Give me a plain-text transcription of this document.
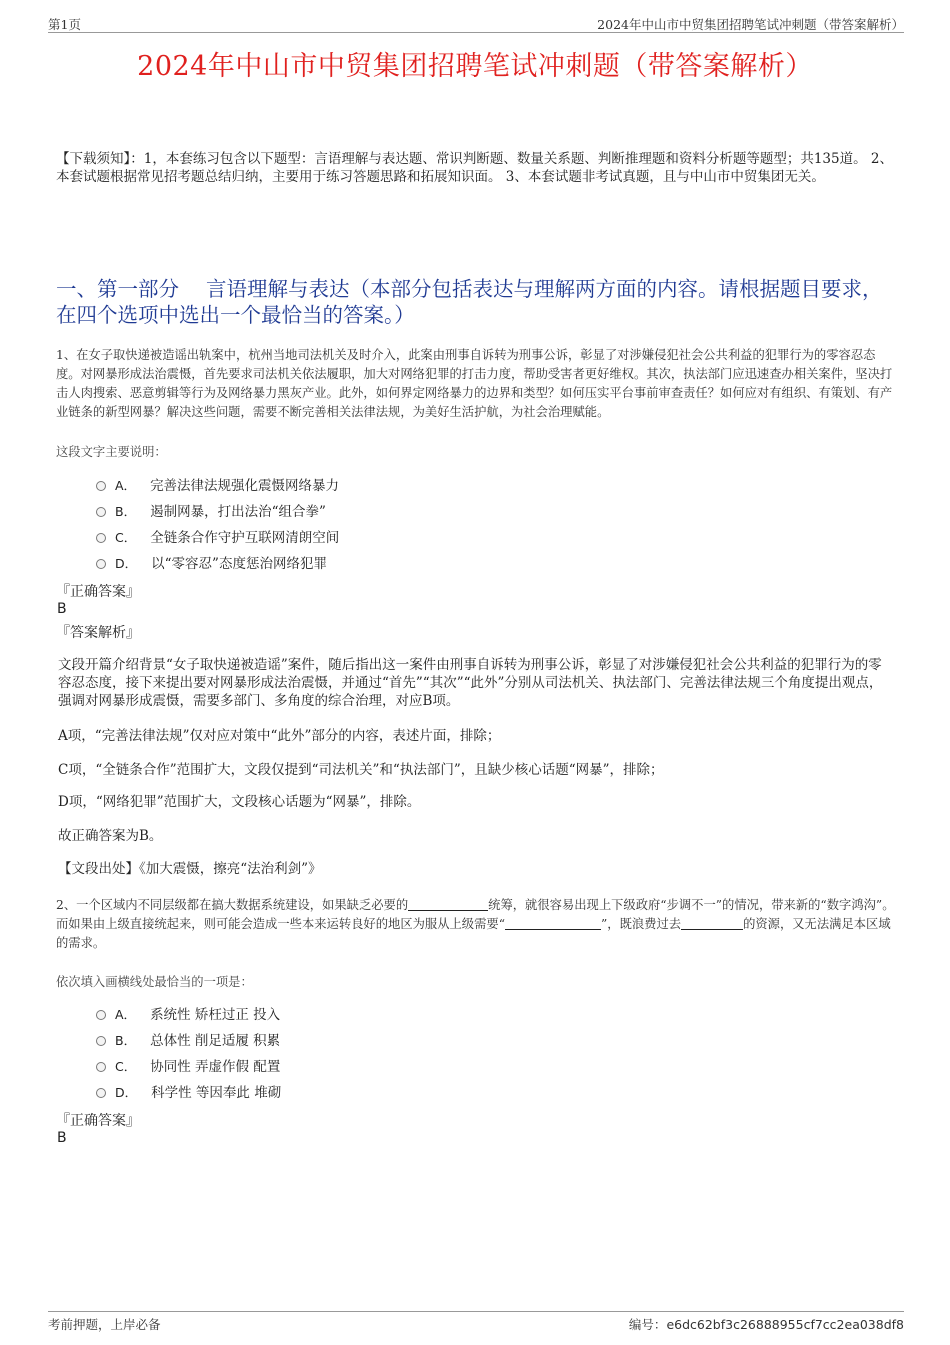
第1页	2024年中山市中贸集团招聘笔试冲刺题（带答案解析）
2024年中山市中贸集团招聘笔试冲刺题（带答案解析）
【下载须知】：1，本套练习包含以下题型：言语理解与表达题、常识判断题、数量关系题、判断推理题和资料分析题等题型；共135道。 2、本套试题根据常见招考题总结归纳，主要用于练习答题思路和拓展知识面。 3、本套试题非考试真题，且与中山市中贸集团无关。
一、第一部分　 言语理解与表达（本部分包括表达与理解两方面的内容。请根据题目要求，在四个选项中选出一个最恰当的答案。）
1、在女子取快递被造谣出轨案中，杭州当地司法机关及时介入，此案由刑事自诉转为刑事公诉，彰显了对涉嫌侵犯社会公共利益的犯罪行为的零容忍态度。对网暴形成法治震慑，首先要求司法机关依法履职，加大对网络犯罪的打击力度，帮助受害者更好维权。其次，执法部门应迅速查办相关案件，坚决打击人肉搜索、恶意剪辑等行为及网络暴力黑灰产业。此外，如何界定网络暴力的边界和类型？如何压实平台事前审查责任？如何应对有组织、有策划、有产业链条的新型网暴？解决这些问题，需要不断完善相关法律法规，为美好生活护航，为社会治理赋能。
这段文字主要说明：
A． 完善法律法规强化震慑网络暴力
B． 遏制网暴，打出法治“组合拳”
C． 全链条合作守护互联网清朗空间
D． 以“零容忍”态度惩治网络犯罪
『正确答案』
B
『答案解析』
文段开篇介绍背景“女子取快递被造谣”案件，随后指出这一案件由刑事自诉转为刑事公诉，彰显了对涉嫌侵犯社会公共利益的犯罪行为的零容忍态度，接下来提出要对网暴形成法治震慑，并通过“首先”“其次”“此外”分别从司法机关、执法部门、完善法律法规三个角度提出观点，强调对网暴形成震慑，需要多部门、多角度的综合治理，对应B项。
A项，“完善法律法规”仅对应对策中“此外”部分的内容，表述片面，排除；
C项，“全链条合作”范围扩大，文段仅提到“司法机关”和“执法部门”，且缺少核心话题“网暴”，排除；
D项，“网络犯罪”范围扩大，文段核心话题为“网暴”，排除。
故正确答案为B。
【文段出处】《加大震慑，擦亮“法治利剑”》
2、一个区域内不同层级都在搞大数据系统建设，如果缺乏必要的	统筹，就很容易出现上下级政府“步调不一”的情况，带来新的“数字鸿沟”。而如果由上级直接统起来，则可能会造成一些本来运转良好的地区为服从上级需要“	”，既浪费过去	的资源，又无法满足本区域的需求。
依次填入画横线处最恰当的一项是：
A． 系统性 矫枉过正 投入
B． 总体性 削足适履 积累
C． 协同性 弄虚作假 配置
D． 科学性 等因奉此 堆砌
『正确答案』
B
考前押题，上岸必备	编号：e6dc62bf3c26888955cf7cc2ea038df8
